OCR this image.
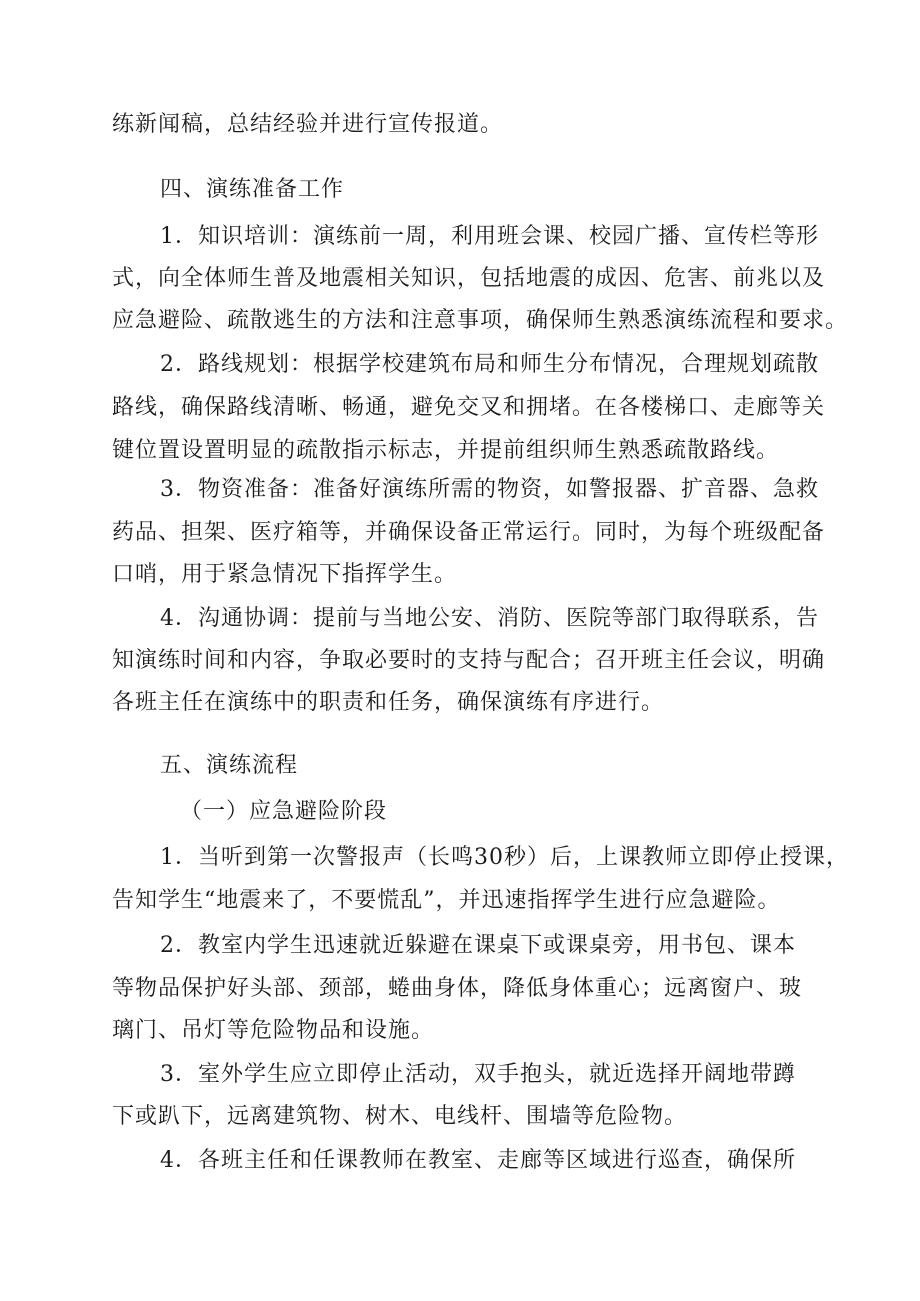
练新闻稿，总结经验并进行宣传报道。
四、演练准备工作
1．知识培训：演练前一周，利用班会课、校园广播、宣传栏等形
式，向全体师生普及地震相关知识，包括地震的成因、危害、前兆以及
应急避险、疏散逃生的方法和注意事项，确保师生熟悉演练流程和要求。
2．路线规划：根据学校建筑布局和师生分布情况，合理规划疏散
路线，确保路线清晰、畅通，避免交叉和拥堵。在各楼梯口、走廊等关
键位置设置明显的疏散指示标志，并提前组织师生熟悉疏散路线。
3．物资准备：准备好演练所需的物资，如警报器、扩音器、急救
药品、担架、医疗箱等，并确保设备正常运行。同时，为每个班级配备
口哨，用于紧急情况下指挥学生。
4．沟通协调：提前与当地公安、消防、医院等部门取得联系，告
知演练时间和内容，争取必要时的支持与配合；召开班主任会议，明确
各班主任在演练中的职责和任务，确保演练有序进行。
五、演练流程
（一）应急避险阶段
1．当听到第一次警报声（长鸣30秒）后，上课教师立即停止授课，
告知学生“地震来了，不要慌乱”，并迅速指挥学生进行应急避险。
2．教室内学生迅速就近躲避在课桌下或课桌旁，用书包、课本
等物品保护好头部、颈部，蜷曲身体，降低身体重心；远离窗户、玻
璃门、吊灯等危险物品和设施。
3．室外学生应立即停止活动，双手抱头，就近选择开阔地带蹲
下或趴下，远离建筑物、树木、电线杆、围墙等危险物。
4．各班主任和任课教师在教室、走廊等区域进行巡查，确保所
